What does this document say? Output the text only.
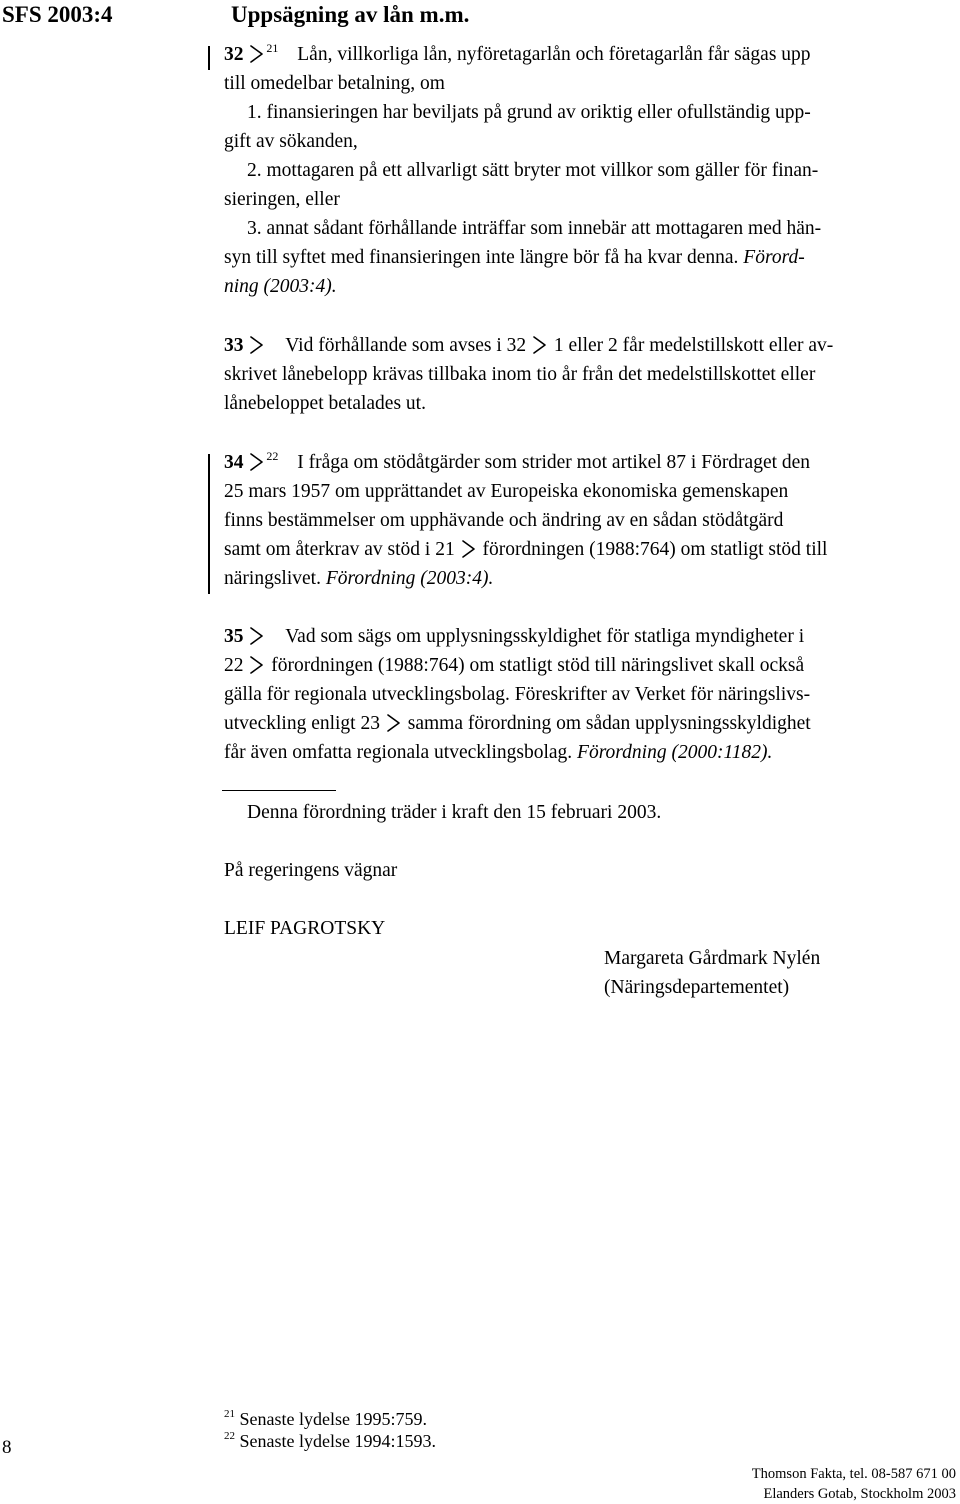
SFS 2003:4	Uppsägning av lån m.m.
32 $^{21}$ Lån, villkorliga lån, nyföretagarlån och företagarlån får sägas upp
till omedelbar betalning, om
1. finansieringen har beviljats på grund av oriktig eller ofullständig upp-
gift av sökanden,
2. mottagaren på ett allvarligt sätt bryter mot villkor som gäller för finan-
sieringen, eller
3. annat sådant förhållande inträffar som innebär att mottagaren med hän-
syn till syftet med finansieringen inte längre bör få ha kvar denna. Förord-
ning (2003:4).
33 Vid förhållande som avses i 32 1 eller 2 får medelstillskott eller av-
skrivet lånebelopp krävas tillbaka inom tio år från det medelstillskottet eller
lånebeloppet betalades ut.
34 $^{22}$ I fråga om stödåtgärder som strider mot artikel 87 i Fördraget den
25 mars 1957 om upprättandet av Europeiska ekonomiska gemenskapen
finns bestämmelser om upphävande och ändring av en sådan stödåtgärd
samt om återkrav av stöd i 21 förordningen (1988:764) om statligt stöd till
näringslivet. Förordning (2003:4).
35 Vad som sägs om upplysningsskyldighet för statliga myndigheter i
22 förordningen (1988:764) om statligt stöd till näringslivet skall också
gälla för regionala utvecklingsbolag. Föreskrifter av Verket för näringslivs-
utveckling enligt 23 samma förordning om sådan upplysningsskyldighet
får även omfatta regionala utvecklingsbolag. Förordning (2000:1182).
Denna förordning träder i kraft den 15 februari 2003.
På regeringens vägnar
LEIF PAGROTSKY
Margareta Gårdmark Nylén
(Näringsdepartementet)
$^{21}$ Senaste lydelse 1995:759.
$^{22}$ Senaste lydelse 1994:1593.
8
Thomson Fakta, tel. 08-587 671 00
Elanders Gotab, Stockholm 2003
